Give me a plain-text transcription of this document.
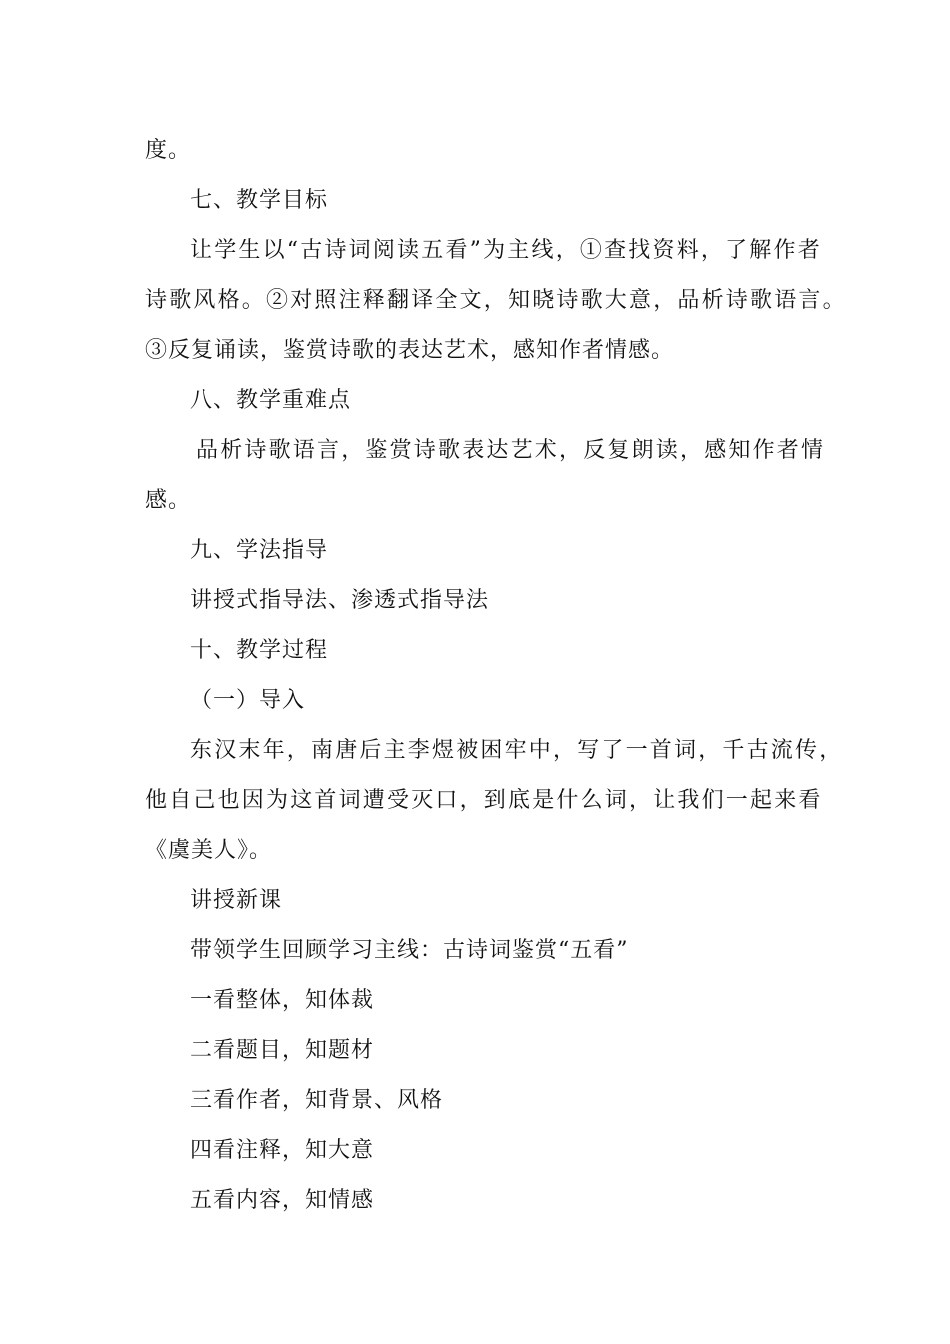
度。
七、教学目标
让学生以“古诗词阅读五看”为主线，①查找资料，了解作者
诗歌风格。②对照注释翻译全文，知晓诗歌大意，品析诗歌语言。
③反复诵读，鉴赏诗歌的表达艺术，感知作者情感。
八、教学重难点
品析诗歌语言，鉴赏诗歌表达艺术，反复朗读，感知作者情
感。
九、学法指导
讲授式指导法、渗透式指导法
十、教学过程
（一）导入
东汉末年，南唐后主李煜被困牢中，写了一首词，千古流传，
他自己也因为这首词遭受灭口，到底是什么词，让我们一起来看
《虞美人》。
讲授新课
带领学生回顾学习主线：古诗词鉴赏“五看”
一看整体，知体裁
二看题目，知题材
三看作者，知背景、风格
四看注释，知大意
五看内容，知情感
